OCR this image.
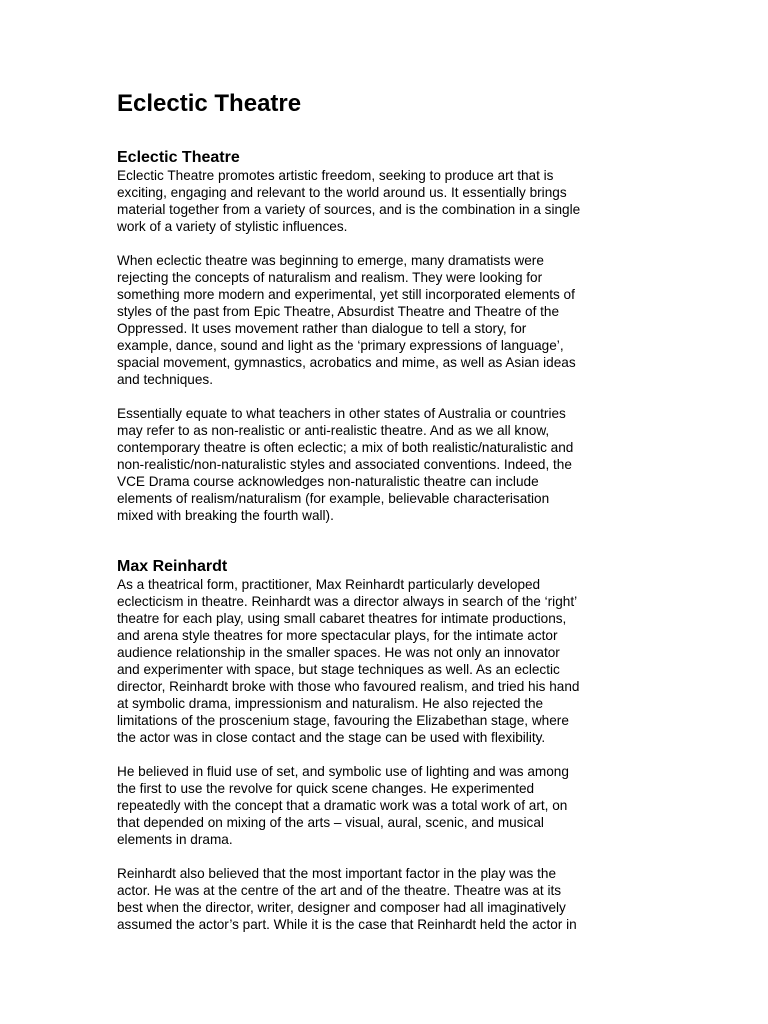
Eclectic Theatre
Eclectic Theatre
Eclectic Theatre promotes artistic freedom, seeking to produce art that is
exciting, engaging and relevant to the world around us. It essentially brings
material together from a variety of sources, and is the combination in a single
work of a variety of stylistic influences.
When eclectic theatre was beginning to emerge, many dramatists were
rejecting the concepts of naturalism and realism. They were looking for
something more modern and experimental, yet still incorporated elements of
styles of the past from Epic Theatre, Absurdist Theatre and Theatre of the
Oppressed. It uses movement rather than dialogue to tell a story, for
example, dance, sound and light as the ‘primary expressions of language’,
spacial movement, gymnastics, acrobatics and mime, as well as Asian ideas
and techniques.
Essentially equate to what teachers in other states of Australia or countries
may refer to as non-realistic or anti-realistic theatre. And as we all know,
contemporary theatre is often eclectic; a mix of both realistic/naturalistic and
non-realistic/non-naturalistic styles and associated conventions. Indeed, the
VCE Drama course acknowledges non-naturalistic theatre can include
elements of realism/naturalism (for example, believable characterisation
mixed with breaking the fourth wall).
Max Reinhardt
As a theatrical form, practitioner, Max Reinhardt particularly developed
eclecticism in theatre. Reinhardt was a director always in search of the ‘right’
theatre for each play, using small cabaret theatres for intimate productions,
and arena style theatres for more spectacular plays, for the intimate actor
audience relationship in the smaller spaces. He was not only an innovator
and experimenter with space, but stage techniques as well. As an eclectic
director, Reinhardt broke with those who favoured realism, and tried his hand
at symbolic drama, impressionism and naturalism. He also rejected the
limitations of the proscenium stage, favouring the Elizabethan stage, where
the actor was in close contact and the stage can be used with flexibility.
He believed in fluid use of set, and symbolic use of lighting and was among
the first to use the revolve for quick scene changes. He experimented
repeatedly with the concept that a dramatic work was a total work of art, on
that depended on mixing of the arts – visual, aural, scenic, and musical
elements in drama.
Reinhardt also believed that the most important factor in the play was the
actor. He was at the centre of the art and of the theatre. Theatre was at its
best when the director, writer, designer and composer had all imaginatively
assumed the actor’s part. While it is the case that Reinhardt held the actor in
